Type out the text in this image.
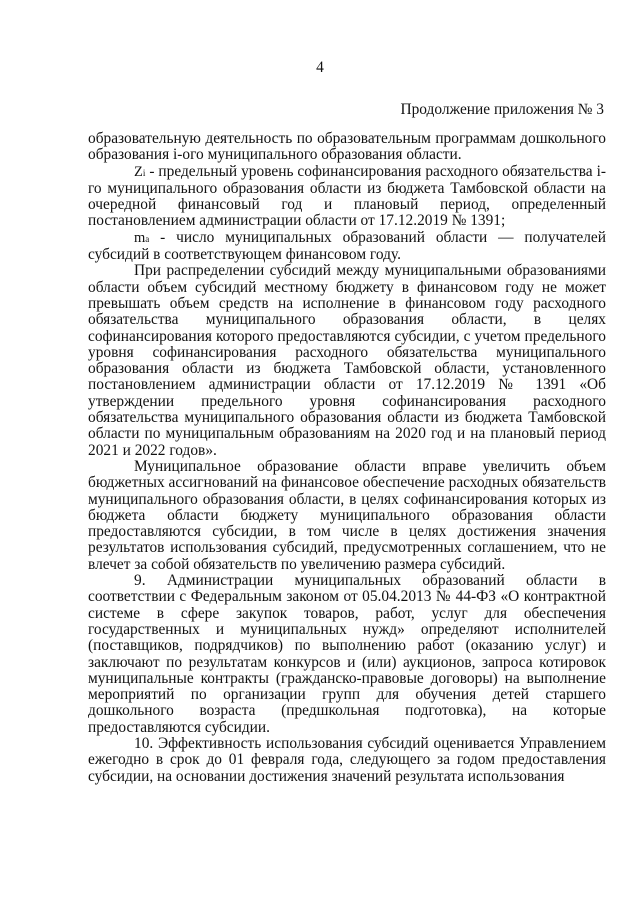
4
Продолжение приложения № 3

образовательную деятельность по образовательным программам дошкольного образования i-ого муниципального образования области.

Zi - предельный уровень софинансирования расходного обязательства i-го муниципального образования области из бюджета Тамбовской области на очередной финансовый год и плановый период, определенный постановлением администрации области от 17.12.2019 № 1391;

ma - число муниципальных образований области — получателей субсидий в соответствующем финансовом году.

При распределении субсидий между муниципальными образованиями области объем субсидий местному бюджету в финансовом году не может превышать объем средств на исполнение в финансовом году расходного обязательства муниципального образования области, в целях софинансирования которого предоставляются субсидии, с учетом предельного уровня софинансирования расходного обязательства муниципального образования области из бюджета Тамбовской области, установленного постановлением администрации области от 17.12.2019 № 1391 «Об утверждении предельного уровня софинансирования расходного обязательства муниципального образования области из бюджета Тамбовской области по муниципальным образованиям на 2020 год и на плановый период 2021 и 2022 годов».

Муниципальное образование области вправе увеличить объем бюджетных ассигнований на финансовое обеспечение расходных обязательств муниципального образования области, в целях софинансирования которых из бюджета области бюджету муниципального образования области предоставляются субсидии, в том числе в целях достижения значения результатов использования субсидий, предусмотренных соглашением, что не влечет за собой обязательств по увеличению размера субсидий.

9. Администрации муниципальных образований области в соответствии с Федеральным законом от 05.04.2013 № 44-ФЗ «О контрактной системе в сфере закупок товаров, работ, услуг для обеспечения государственных и муниципальных нужд» определяют исполнителей (поставщиков, подрядчиков) по выполнению работ (оказанию услуг) и заключают по результатам конкурсов и (или) аукционов, запроса котировок муниципальные контракты (гражданско-правовые договоры) на выполнение мероприятий по организации групп для обучения детей старшего дошкольного возраста (предшкольная подготовка), на которые предоставляются субсидии.

10. Эффективность использования субсидий оценивается Управлением ежегодно в срок до 01 февраля года, следующего за годом предоставления субсидии, на основании достижения значений результата использования
